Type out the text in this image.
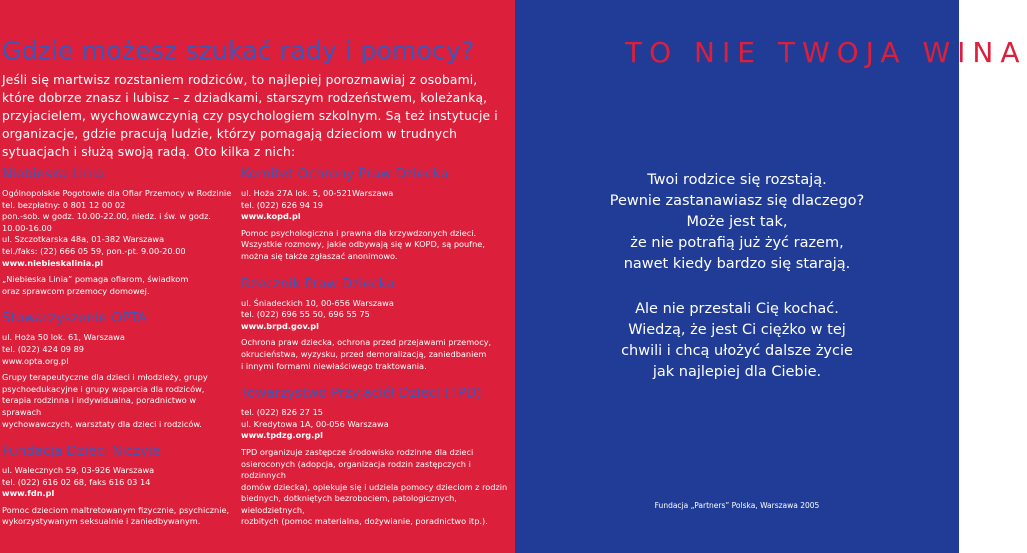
Gdzie możesz szukać rady i pomocy?

Jeśli się martwisz rozstaniem rodziców, to najlepiej porozmawiaj z osobami, które dobrze znasz i lubisz – z dziadkami, starszym rodzeństwem, koleżanką, przyjacielem, wychowawczynią czy psychologiem szkolnym. Są też instytucje i organizacje, gdzie pracują ludzie, którzy pomagają dzieciom w trudnych sytuacjach i służą swoją radą. Oto kilka z nich:

Niebieska Linia
Ogólnopolskie Pogotowie dla Ofiar Przemocy w Rodzinie
tel. bezpłatny: 0 801 12 00 02
pon.-sob. w godz. 10.00-22.00, niedz. i św. w godz. 10.00-16.00
ul. Szczotkarska 48a, 01-382 Warszawa
tel./faks: (22) 666 05 59, pon.-pt. 9.00-20.00
www.niebieskalinia.pl
„Niebieska Linia” pomaga ofiarom, świadkom
oraz sprawcom przemocy domowej.
Stowarzyszenie OPTA
ul. Hoża 50 lok. 61, Warszawa
tel. (022) 424 09 89
www.opta.org.pl
Grupy terapeutyczne dla dzieci i młodzieży, grupy
psychoedukacyjne i grupy wsparcia dla rodziców,
terapia rodzinna i indywidualna, poradnictwo w sprawach
wychowawczych, warsztaty dla dzieci i rodziców.
Fundacja Dzieci Niczyje
ul. Walecznych 59, 03-926 Warszawa
tel. (022) 616 02 68, faks 616 03 14
www.fdn.pl
Pomoc dzieciom maltretowanym fizycznie, psychicznie,
wykorzystywanym seksualnie i zaniedbywanym.
Komitet Ochrony Praw Dziecka
ul. Hoża 27A lok. 5, 00-521Warszawa
tel. (022) 626 94 19
www.kopd.pl
Pomoc psychologiczna i prawna dla krzywdzonych dzieci.
Wszystkie rozmowy, jakie odbywają się w KOPD, są poufne,
można się także zgłaszać anonimowo.
Rzecznik Praw Dziecka
ul. Śniadeckich 10, 00-656 Warszawa
tel. (022) 696 55 50, 696 55 75
www.brpd.gov.pl
Ochrona praw dziecka, ochrona przed przejawami przemocy,
okrucieństwa, wyzysku, przed demoralizacją, zaniedbaniem
i innymi formami niewłaściwego traktowania.
Towarzystwo Przyjaciół Dzieci (TPD)
tel. (022) 826 27 15
ul. Kredytowa 1A, 00-056 Warszawa
www.tpdzg.org.pl
TPD organizuje zastępcze środowisko rodzinne dla dzieci
osieroconych (adopcja, organizacja rodzin zastępczych i rodzinnych
domów dziecka), opiekuje się i udziela pomocy dzieciom z rodzin
biednych, dotkniętych bezrobociem, patologicznych, wielodzietnych,
rozbitych (pomoc materialna, dożywianie, poradnictwo itp.).
TO NIE TWOJA WINA
Twoi rodzice się rozstają.
Pewnie zastanawiasz się dlaczego?
Może jest tak,
że nie potrafią już żyć razem,
nawet kiedy bardzo się starają.
Ale nie przestali Cię kochać.
Wiedzą, że jest Ci ciężko w tej
chwili i chcą ułożyć dalsze życie
jak najlepiej dla Ciebie.
Fundacja „Partners” Polska, Warszawa 2005
